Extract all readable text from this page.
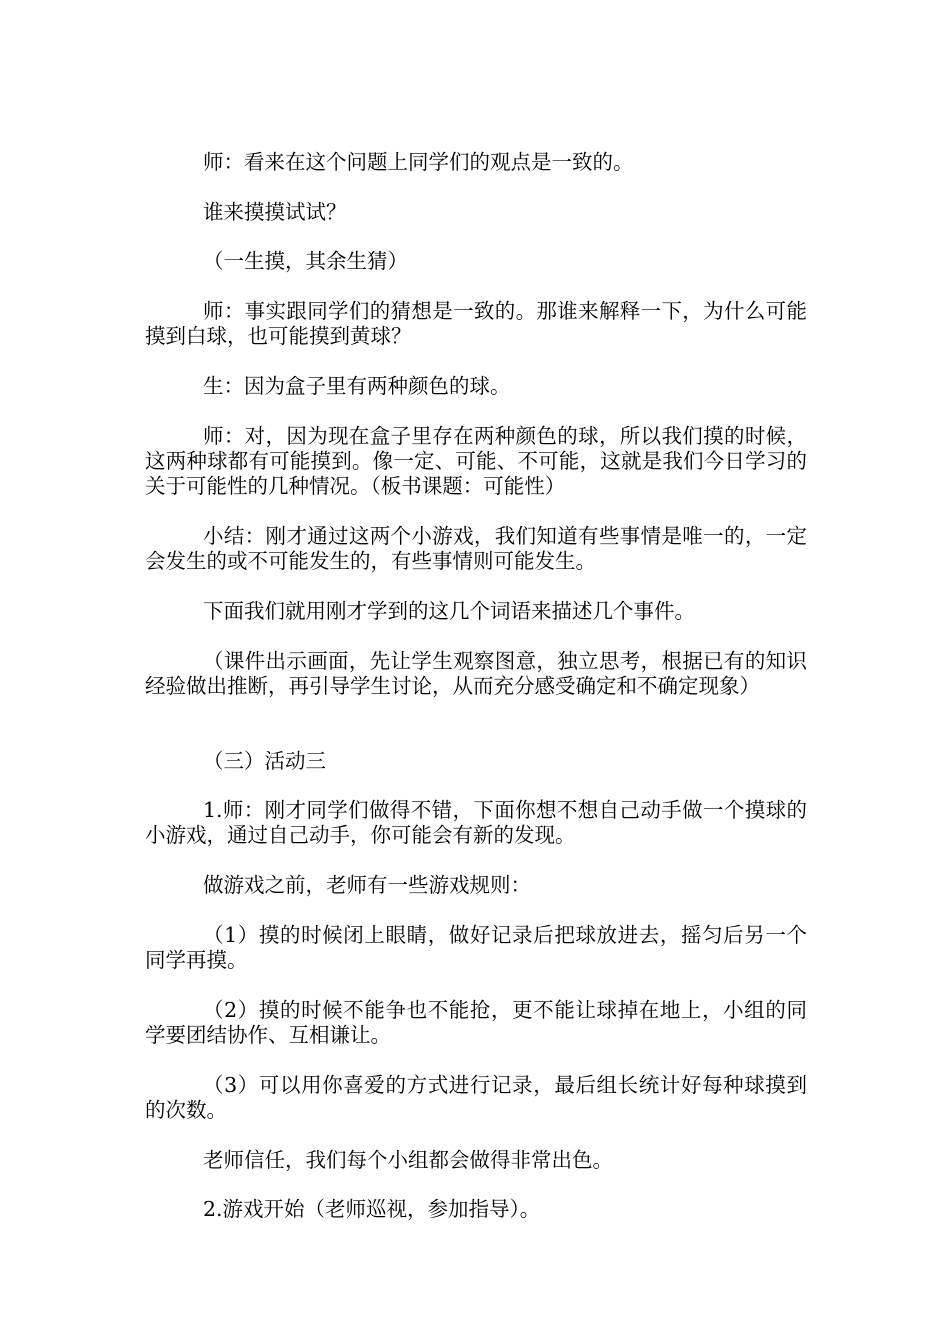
师：看来在这个问题上同学们的观点是一致的。

谁来摸摸试试？

（一生摸，其余生猜）

师：事实跟同学们的猜想是一致的。那谁来解释一下，为什么可能摸到白球，也可能摸到黄球？

生：因为盒子里有两种颜色的球。

师：对，因为现在盒子里存在两种颜色的球，所以我们摸的时候，这两种球都有可能摸到。像一定、可能、不可能，这就是我们今日学习的关于可能性的几种情况。（板书课题：可能性）

小结：刚才通过这两个小游戏，我们知道有些事情是唯一的，一定会发生的或不可能发生的，有些事情则可能发生。

下面我们就用刚才学到的这几个词语来描述几个事件。

（课件出示画面，先让学生观察图意，独立思考，根据已有的知识经验做出推断，再引导学生讨论，从而充分感受确定和不确定现象）

（三）活动三

1.师：刚才同学们做得不错，下面你想不想自己动手做一个摸球的小游戏，通过自己动手，你可能会有新的发现。

做游戏之前，老师有一些游戏规则：

（1）摸的时候闭上眼睛，做好记录后把球放进去，摇匀后另一个同学再摸。

（2）摸的时候不能争也不能抢，更不能让球掉在地上，小组的同学要团结协作、互相谦让。

（3）可以用你喜爱的方式进行记录，最后组长统计好每种球摸到的次数。

老师信任，我们每个小组都会做得非常出色。

2.游戏开始（老师巡视，参加指导）。
